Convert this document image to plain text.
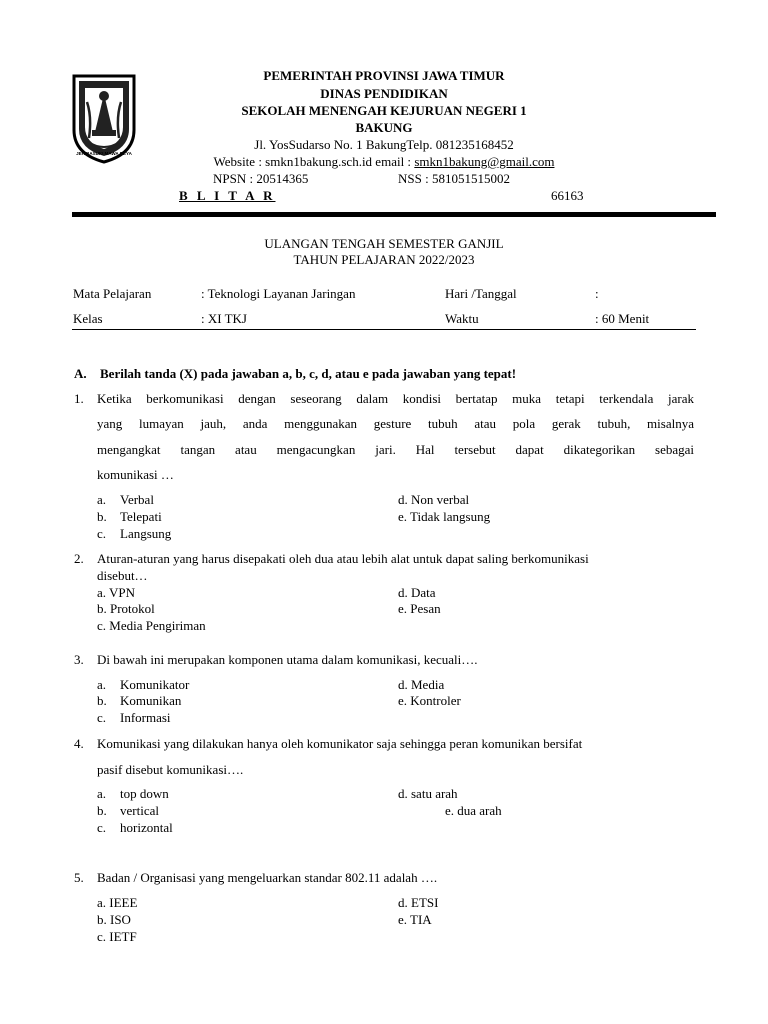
JER BASUKI MAWA BEYA
PEMERINTAH PROVINSI JAWA TIMUR
DINAS PENDIDIKAN
SEKOLAH MENENGAH KEJURUAN NEGERI 1
BAKUNG
Jl. YosSudarso No. 1 BakungTelp. 081235168452
Website : smkn1bakung.sch.id email : smkn1bakung@gmail.com
NPSN : 20514365	NSS : 581051515002
B L I T A R	66163
ULANGAN TENGAH SEMESTER GANJIL
TAHUN PELAJARAN 2022/2023
Mata Pelajaran	: Teknologi Layanan Jaringan	Hari /Tanggal	:
Kelas	: XI TKJ	Waktu	: 60 Menit
A. Berilah tanda (X) pada jawaban a, b, c, d, atau e pada jawaban yang tepat!
1. Ketika berkomunikasi dengan seseorang dalam kondisi bertatap muka tetapi terkendala jarak
yang lumayan jauh, anda menggunakan gesture tubuh atau pola gerak tubuh, misalnya
mengangkat tangan atau mengacungkan jari. Hal tersebut dapat dikategorikan sebagai
komunikasi …
a. Verbal
b. Telepati
c. Langsung
d. Non verbal
e. Tidak langsung
2. Aturan-aturan yang harus disepakati oleh dua atau lebih alat untuk dapat saling berkomunikasi
disebut…
a. VPN
b. Protokol
c. Media Pengiriman
d. Data
e. Pesan
3. Di bawah ini merupakan komponen utama dalam komunikasi, kecuali….
a. Komunikator
b. Komunikan
c. Informasi
d. Media
e. Kontroler
4. Komunikasi yang dilakukan hanya oleh komunikator saja sehingga peran komunikan bersifat
pasif disebut komunikasi….
a. top down
b. vertical
c. horizontal
d. satu arah
e. dua arah
5. Badan / Organisasi yang mengeluarkan standar 802.11 adalah ….
a. IEEE
b. ISO
c. IETF
d. ETSI
e. TIA
